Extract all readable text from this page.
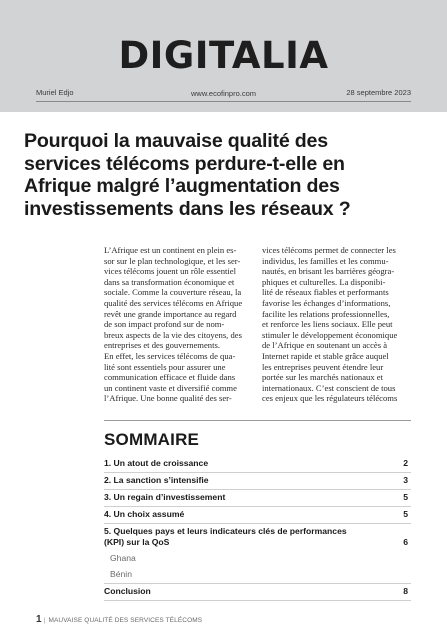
DIGITALIA
Muriel Edjo	www.ecofinpro.com	28 septembre 2023
Pourquoi la mauvaise qualité des
services télécoms perdure-t-elle en
Afrique malgré l’augmentation des
investissements dans les réseaux ?
L’Afrique est un continent en plein es-
sor sur le plan technologique, et les ser-
vices télécoms jouent un rôle essentiel
dans sa transformation économique et
sociale. Comme la couverture réseau, la
qualité des services télécoms en Afrique
revêt une grande importance au regard
de son impact profond sur de nom-
breux aspects de la vie des citoyens, des
entreprises et des gouvernements.
En effet, les services télécoms de qua-
lité sont essentiels pour assurer une
communication efficace et fluide dans
un continent vaste et diversifié comme
l’Afrique. Une bonne qualité des ser-
vices télécoms permet de connecter les
individus, les familles et les commu-
nautés, en brisant les barrières géogra-
phiques et culturelles. La disponibi-
lité de réseaux fiables et performants
favorise les échanges d’informations,
facilite les relations professionnelles,
et renforce les liens sociaux. Elle peut
stimuler le développement économique
de l’Afrique en soutenant un accès à
Internet rapide et stable grâce auquel
les entreprises peuvent étendre leur
portée sur les marchés nationaux et
internationaux. C’est conscient de tous
ces enjeux que les régulateurs télécoms
SOMMAIRE
1. Un atout de croissance	2
2. La sanction s’intensifie	3
3. Un regain d’investissement	5
4. Un choix assumé	5
5. Quelques pays et leurs indicateurs clés de performances (KPI) sur la QoS	6
Ghana
Bénin
Conclusion	8
1 | MAUVAISE QUALITÉ DES SERVICES TÉLÉCOMS
